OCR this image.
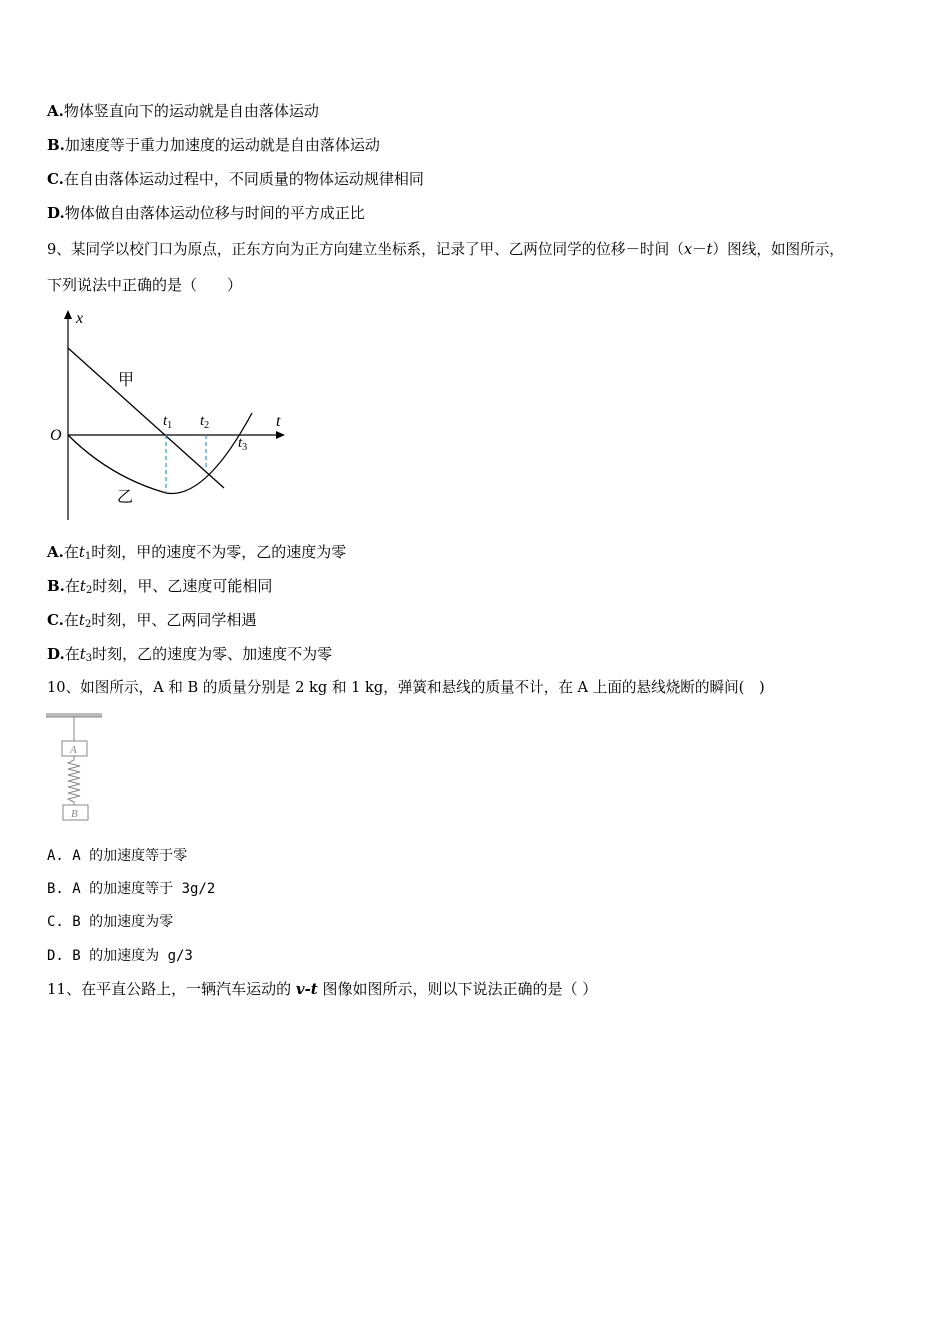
A.物体竖直向下的运动就是自由落体运动
B.加速度等于重力加速度的运动就是自由落体运动
C.在自由落体运动过程中，不同质量的物体运动规律相同
D.物体做自由落体运动位移与时间的平方成正比
9、某同学以校门口为原点，正东方向为正方向建立坐标系，记录了甲、乙两位同学的位移－时间（x－t）图线，如图所示，
下列说法中正确的是（　　）
x
t
O
甲
乙
$t_1$ $t_2$
$t_3$
A.在$t_1$时刻，甲的速度不为零，乙的速度为零
B.在$t_2$时刻，甲、乙速度可能相同
C.在$t_2$时刻，甲、乙两同学相遇
D.在$t_3$时刻，乙的速度为零、加速度不为零
10、如图所示，A 和 B 的质量分别是 2 kg 和 1 kg，弹簧和悬线的质量不计，在 A 上面的悬线烧断的瞬间(　)
A
B
A. A 的加速度等于零
B. A 的加速度等于 3g/2
C. B 的加速度为零
D. B 的加速度为 g/3
11、在平直公路上，一辆汽车运动的 v-t 图像如图所示，则以下说法正确的是（ ）
